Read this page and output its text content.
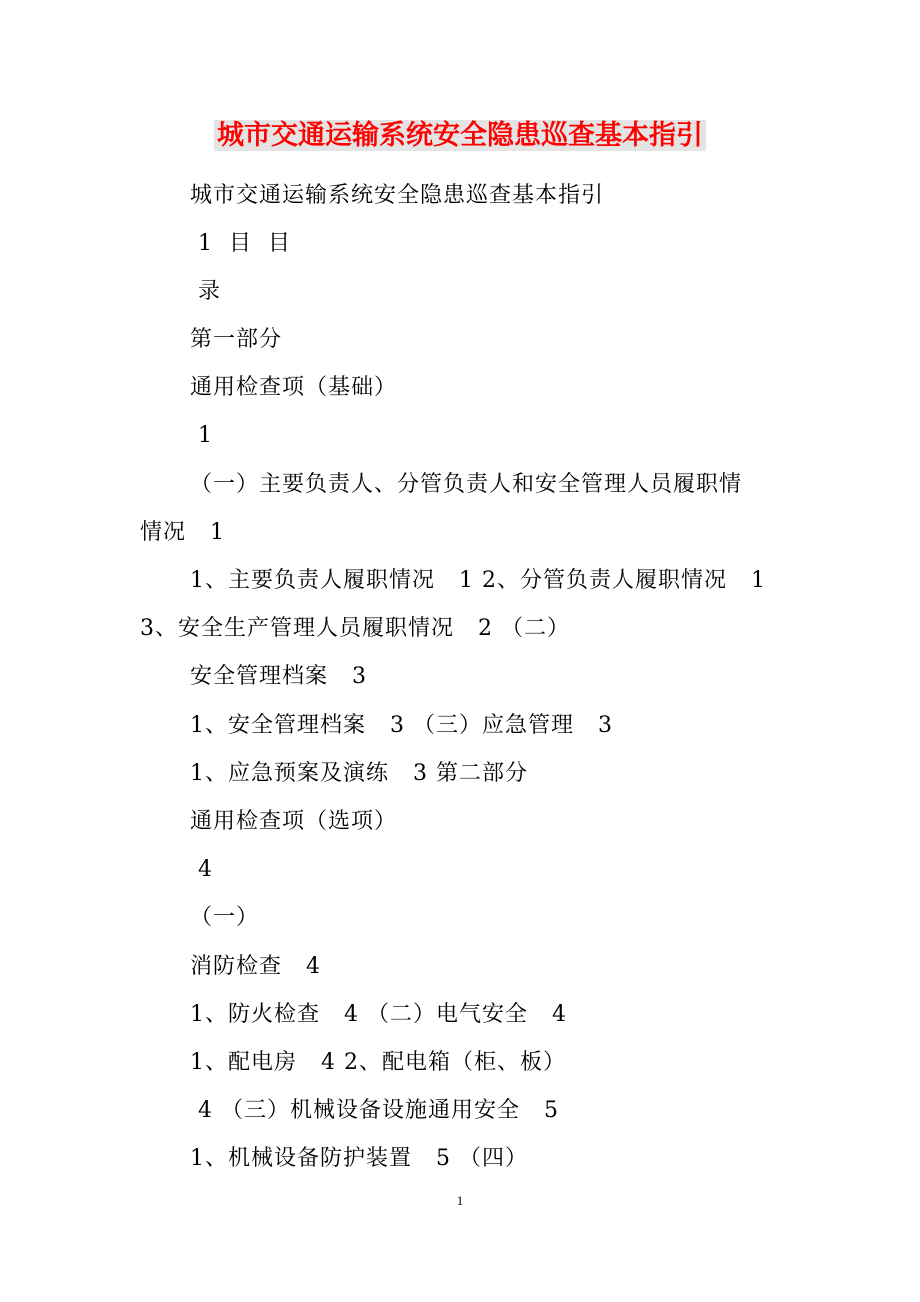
城市交通运输系统安全隐患巡查基本指引
城市交通运输系统安全隐患巡查基本指引
1  目  目
录
第一部分
通用检查项（基础）
1
（一）主要负责人、分管负责人和安全管理人员履职情
情况   1
1、主要负责人履职情况   1 2、分管负责人履职情况   1
3、安全生产管理人员履职情况   2 （二）
安全管理档案   3
1、安全管理档案   3 （三）应急管理   3
1、应急预案及演练   3 第二部分
通用检查项（选项）
4
（一）
消防检查   4
1、防火检查   4 （二）电气安全   4
1、配电房   4 2、配电箱（柜、板）
4 （三）机械设备设施通用安全   5
1、机械设备防护装置   5 （四）
1
